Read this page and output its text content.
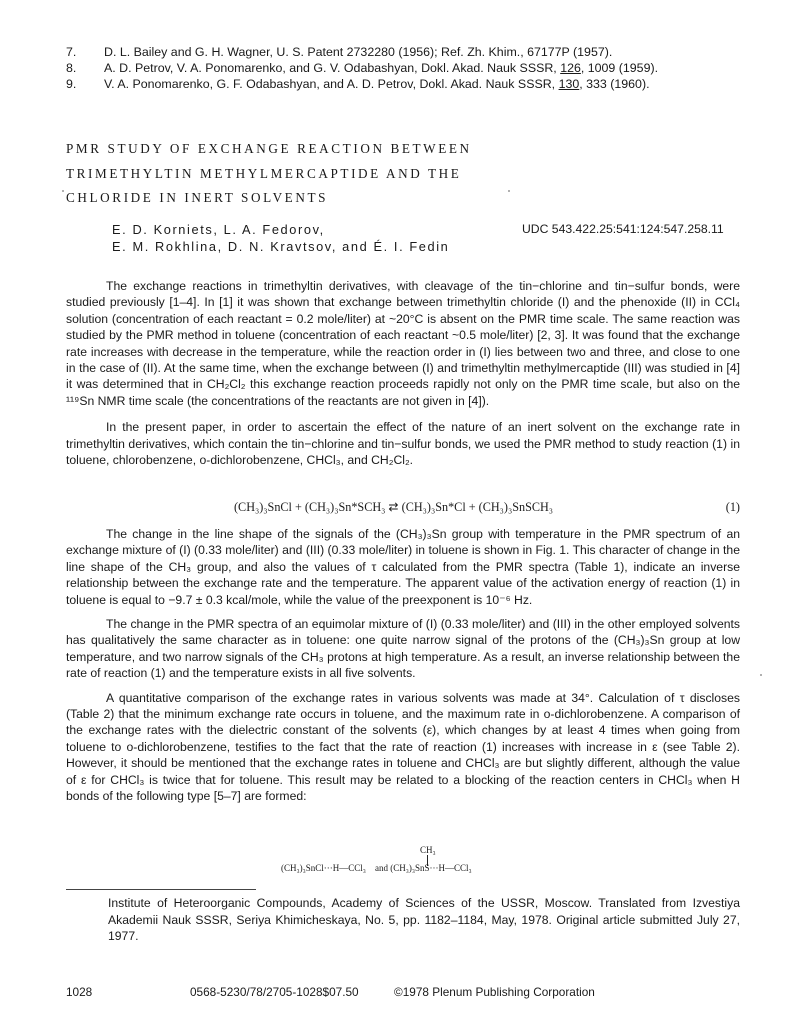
7.	D. L. Bailey and G. H. Wagner, U. S. Patent 2732280 (1956); Ref. Zh. Khim., 67177P (1957).
8.	A. D. Petrov, V. A. Ponomarenko, and G. V. Odabashyan, Dokl. Akad. Nauk SSSR, 126, 1009 (1959).
9.	V. A. Ponomarenko, G. F. Odabashyan, and A. D. Petrov, Dokl. Akad. Nauk SSSR, 130, 333 (1960).
PMR STUDY OF EXCHANGE REACTION BETWEEN
TRIMETHYLTIN METHYLMERCAPTIDE AND THE
CHLORIDE IN INERT SOLVENTS
E. D. Korniets, L. A. Fedorov,
E. M. Rokhlina, D. N. Kravtsov, and É. I. Fedin
UDC 543.422.25:541:124:547.258.11

The exchange reactions in trimethyltin derivatives, with cleavage of the tin−chlorine and tin−sulfur bonds, were studied previously [1–4]. In [1] it was shown that exchange between trimethyltin chloride (I) and the phenoxide (II) in CCl₄ solution (concentration of each reactant = 0.2 mole/liter) at ~20°C is absent on the PMR time scale. The same reaction was studied by the PMR method in toluene (concentration of each reactant ~0.5 mole/liter) [2, 3]. It was found that the exchange rate increases with decrease in the temperature, while the reaction order in (I) lies between two and three, and close to one in the case of (II). At the same time, when the exchange between (I) and trimethyltin methylmercaptide (III) was studied in [4] it was determined that in CH₂Cl₂ this exchange reaction proceeds rapidly not only on the PMR time scale, but also on the ¹¹⁹Sn NMR time scale (the concentrations of the reactants are not given in [4]).

In the present paper, in order to ascertain the effect of the nature of an inert solvent on the exchange rate in trimethyltin derivatives, which contain the tin−chlorine and tin−sulfur bonds, we used the PMR method to study reaction (1) in toluene, chlorobenzene, o-dichlorobenzene, CHCl₃, and CH₂Cl₂.

(CH₃)₃SnCl + (CH₃)₃Sn*SCH₃ ⇄ (CH₃)₃Sn*Cl + (CH₃)₃SnSCH₃	(1)

The change in the line shape of the signals of the (CH₃)₃Sn group with temperature in the PMR spectrum of an exchange mixture of (I) (0.33 mole/liter) and (III) (0.33 mole/liter) in toluene is shown in Fig. 1. This character of change in the line shape of the CH₃ group, and also the values of τ calculated from the PMR spectra (Table 1), indicate an inverse relationship between the exchange rate and the temperature. The apparent value of the activation energy of reaction (1) in toluene is equal to −9.7 ± 0.3 kcal/mole, while the value of the preexponent is 10⁻⁶ Hz.

The change in the PMR spectra of an equimolar mixture of (I) (0.33 mole/liter) and (III) in the other employed solvents has qualitatively the same character as in toluene: one quite narrow signal of the protons of the (CH₃)₃Sn group at low temperature, and two narrow signals of the CH₃ protons at high temperature. As a result, an inverse relationship between the rate of reaction (1) and the temperature exists in all five solvents.

A quantitative comparison of the exchange rates in various solvents was made at 34°. Calculation of τ discloses (Table 2) that the minimum exchange rate occurs in toluene, and the maximum rate in o-dichlorobenzene. A comparison of the exchange rates with the dielectric constant of the solvents (ε), which changes by at least 4 times when going from toluene to o-dichlorobenzene, testifies to the fact that the rate of reaction (1) increases with increase in ε (see Table 2). However, it should be mentioned that the exchange rates in toluene and CHCl₃ are but slightly different, although the value of ε for CHCl₃ is twice that for toluene. This result may be related to a blocking of the reaction centers in CHCl₃ when H bonds of the following type [5–7] are formed:

CH₃
(CH₃)₃SnCl···H—CCl₃ and (CH₃)₃SnS···H—CCl₃
Institute of Heteroorganic Compounds, Academy of Sciences of the USSR, Moscow. Translated from Izvestiya Akademii Nauk SSSR, Seriya Khimicheskaya, No. 5, pp. 1182–1184, May, 1978. Original article submitted July 27, 1977.
1028	0568-5230/78/2705-1028$07.50	©1978 Plenum Publishing Corporation
